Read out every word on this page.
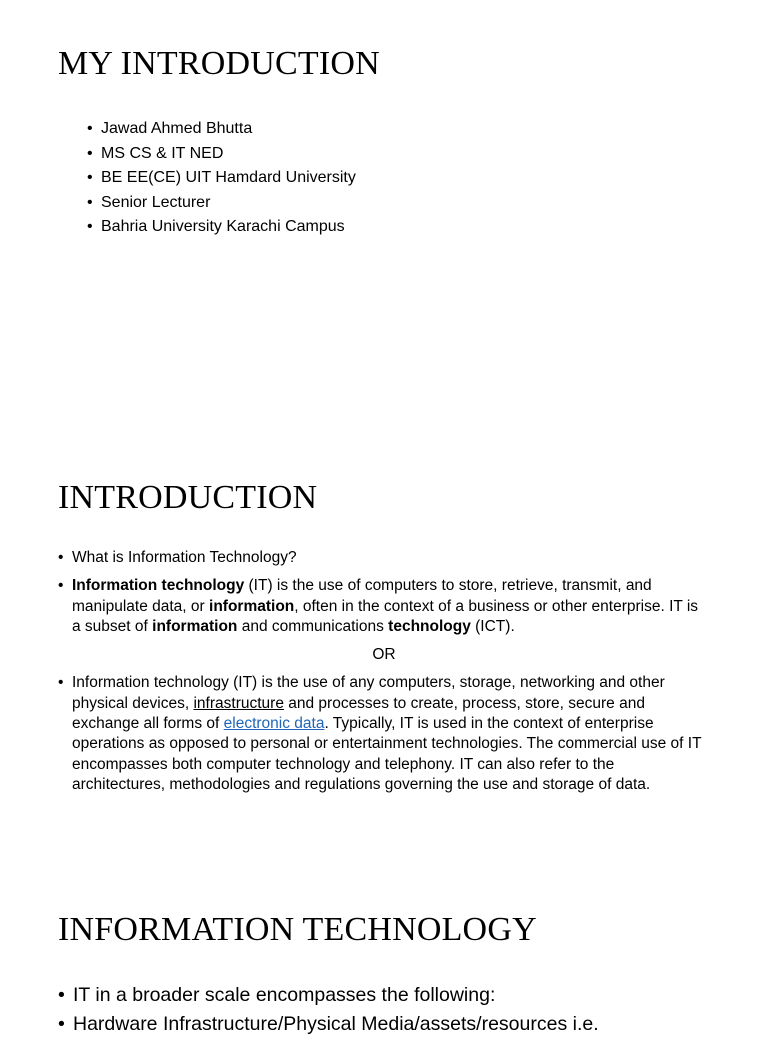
MY INTRODUCTION
• Jawad Ahmed Bhutta
• MS CS & IT NED
• BE EE(CE) UIT Hamdard University
• Senior Lecturer
• Bahria University Karachi Campus
INTRODUCTION
• What is Information Technology?
• Information technology (IT) is the use of computers to store, retrieve, transmit, and manipulate data, or information, often in the context of a business or other enterprise. IT is a subset of information and communications technology (ICT).
OR
• Information technology (IT) is the use of any computers, storage, networking and other physical devices, infrastructure and processes to create, process, store, secure and exchange all forms of electronic data. Typically, IT is used in the context of enterprise operations as opposed to personal or entertainment technologies. The commercial use of IT encompasses both computer technology and telephony. IT can also refer to the architectures, methodologies and regulations governing the use and storage of data.
INFORMATION TECHNOLOGY
• IT in a broader scale encompasses the following:
• Hardware Infrastructure/Physical Media/assets/resources i.e.
